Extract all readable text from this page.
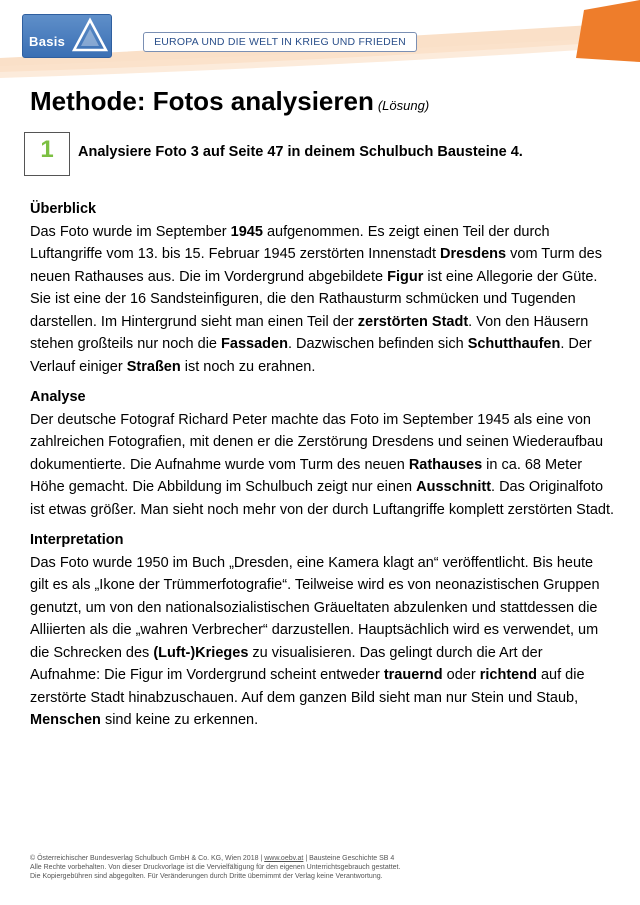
Basis	EUROPA UND DIE WELT IN KRIEG UND FRIEDEN
Methode: Fotos analysieren (Lösung)
1	Analysiere Foto 3 auf Seite 47 in deinem Schulbuch Bausteine 4.

Überblick

Das Foto wurde im September 1945 aufgenommen. Es zeigt einen Teil der durch Luftangriffe vom 13. bis 15. Februar 1945 zerstörten Innenstadt Dresdens vom Turm des neuen Rathauses aus. Die im Vordergrund abgebildete Figur ist eine Allegorie der Güte. Sie ist eine der 16 Sandsteinfiguren, die den Rathausturm schmücken und Tugenden darstellen. Im Hintergrund sieht man einen Teil der zerstörten Stadt. Von den Häusern stehen großteils nur noch die Fassaden. Dazwischen befinden sich Schutthaufen. Der Verlauf einiger Straßen ist noch zu erahnen.

Analyse

Der deutsche Fotograf Richard Peter machte das Foto im September 1945 als eine von zahlreichen Fotografien, mit denen er die Zerstörung Dresdens und seinen Wiederaufbau dokumentierte. Die Aufnahme wurde vom Turm des neuen Rathauses in ca. 68 Meter Höhe gemacht. Die Abbildung im Schulbuch zeigt nur einen Ausschnitt. Das Originalfoto ist etwas größer. Man sieht noch mehr von der durch Luftangriffe komplett zerstörten Stadt.

Interpretation

Das Foto wurde 1950 im Buch „Dresden, eine Kamera klagt an“ veröffentlicht. Bis heute gilt es als „Ikone der Trümmerfotografie“. Teilweise wird es von neonazistischen Gruppen genutzt, um von den nationalsozialistischen Gräueltaten abzulenken und stattdessen die Alliierten als die „wahren Verbrecher“ darzustellen. Hauptsächlich wird es verwendet, um die Schrecken des (Luft-)Krieges zu visualisieren. Das gelingt durch die Art der Aufnahme: Die Figur im Vordergrund scheint entweder trauernd oder richtend auf die zerstörte Stadt hinabzuschauen. Auf dem ganzen Bild sieht man nur Stein und Staub, Menschen sind keine zu erkennen.

© Österreichischer Bundesverlag Schulbuch GmbH & Co. KG, Wien 2018 | www.oebv.at | Bausteine Geschichte SB 4
Alle Rechte vorbehalten. Von dieser Druckvorlage ist die Vervielfältigung für den eigenen Unterrichtsgebrauch gestattet.
Die Kopiergebühren sind abgegolten. Für Veränderungen durch Dritte übernimmt der Verlag keine Verantwortung.
